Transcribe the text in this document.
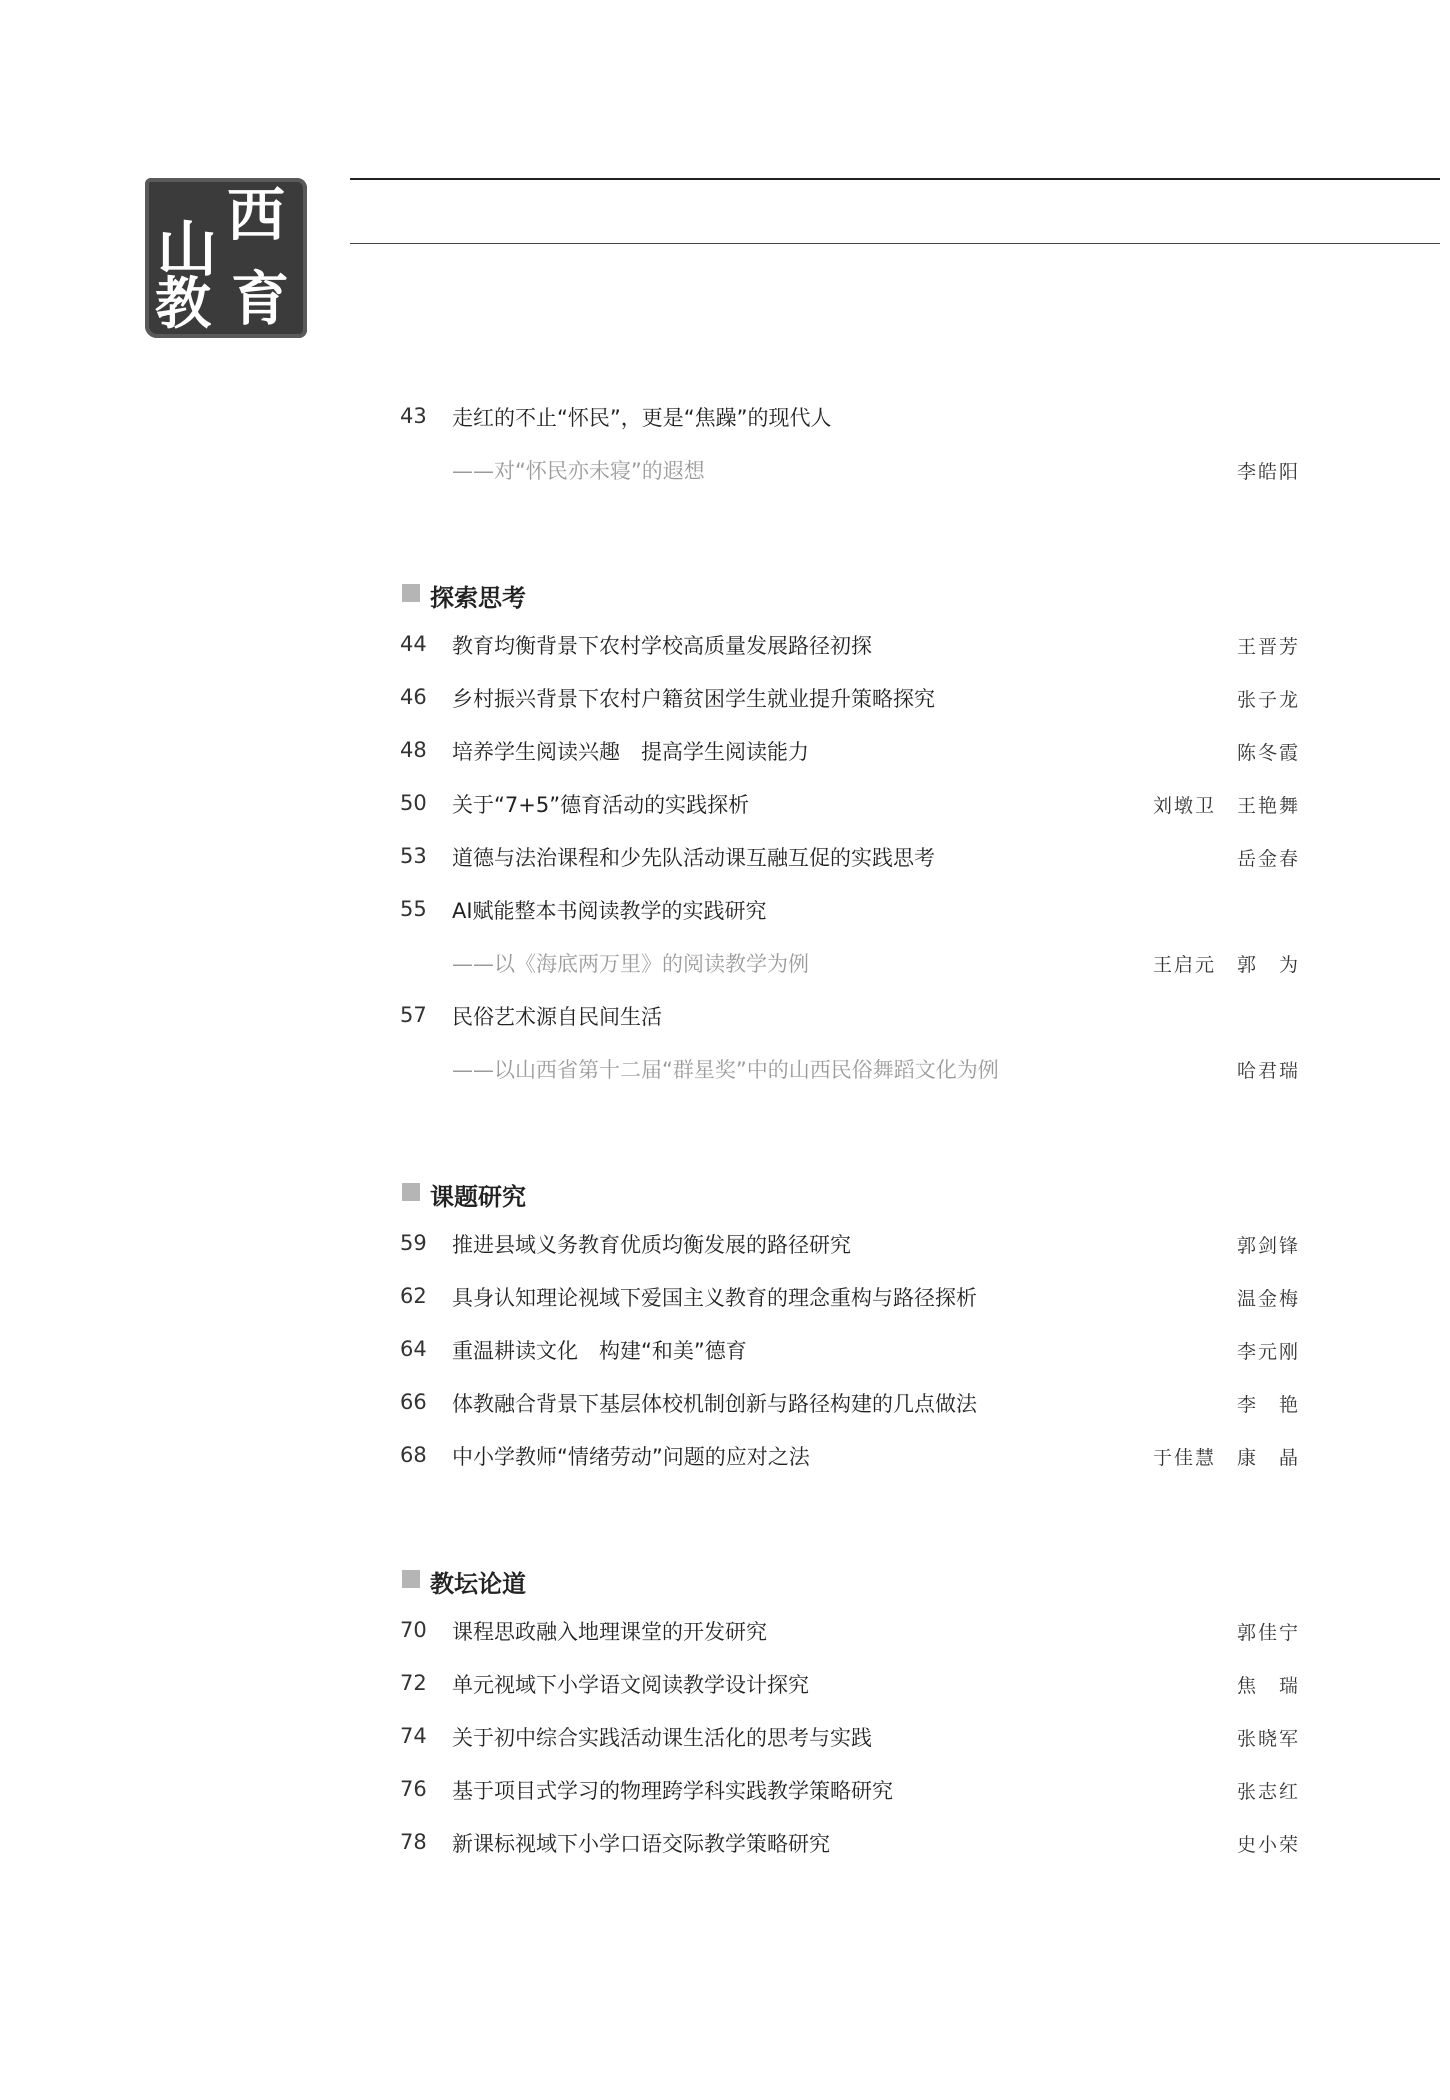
山 西
教 育
43	走红的不止“怀民”，更是“焦躁”的现代人
——对“怀民亦未寝”的遐想	李皓阳
探索思考
44	教育均衡背景下农村学校高质量发展路径初探	王晋芳
46	乡村振兴背景下农村户籍贫困学生就业提升策略探究	张子龙
48	培养学生阅读兴趣　提高学生阅读能力	陈冬霞
50	关于“7+5”德育活动的实践探析	刘墩卫　王艳舞
53	道德与法治课程和少先队活动课互融互促的实践思考	岳金春
55	AI赋能整本书阅读教学的实践研究
——以《海底两万里》的阅读教学为例	王启元　郭　为
57	民俗艺术源自民间生活
——以山西省第十二届“群星奖”中的山西民俗舞蹈文化为例	哈君瑞
课题研究
59	推进县域义务教育优质均衡发展的路径研究	郭剑锋
62	具身认知理论视域下爱国主义教育的理念重构与路径探析	温金梅
64	重温耕读文化　构建“和美”德育	李元刚
66	体教融合背景下基层体校机制创新与路径构建的几点做法	李　艳
68	中小学教师“情绪劳动”问题的应对之法	于佳慧　康　晶
教坛论道
70	课程思政融入地理课堂的开发研究	郭佳宁
72	单元视域下小学语文阅读教学设计探究	焦　瑞
74	关于初中综合实践活动课生活化的思考与实践	张晓军
76	基于项目式学习的物理跨学科实践教学策略研究	张志红
78	新课标视域下小学口语交际教学策略研究	史小荣
